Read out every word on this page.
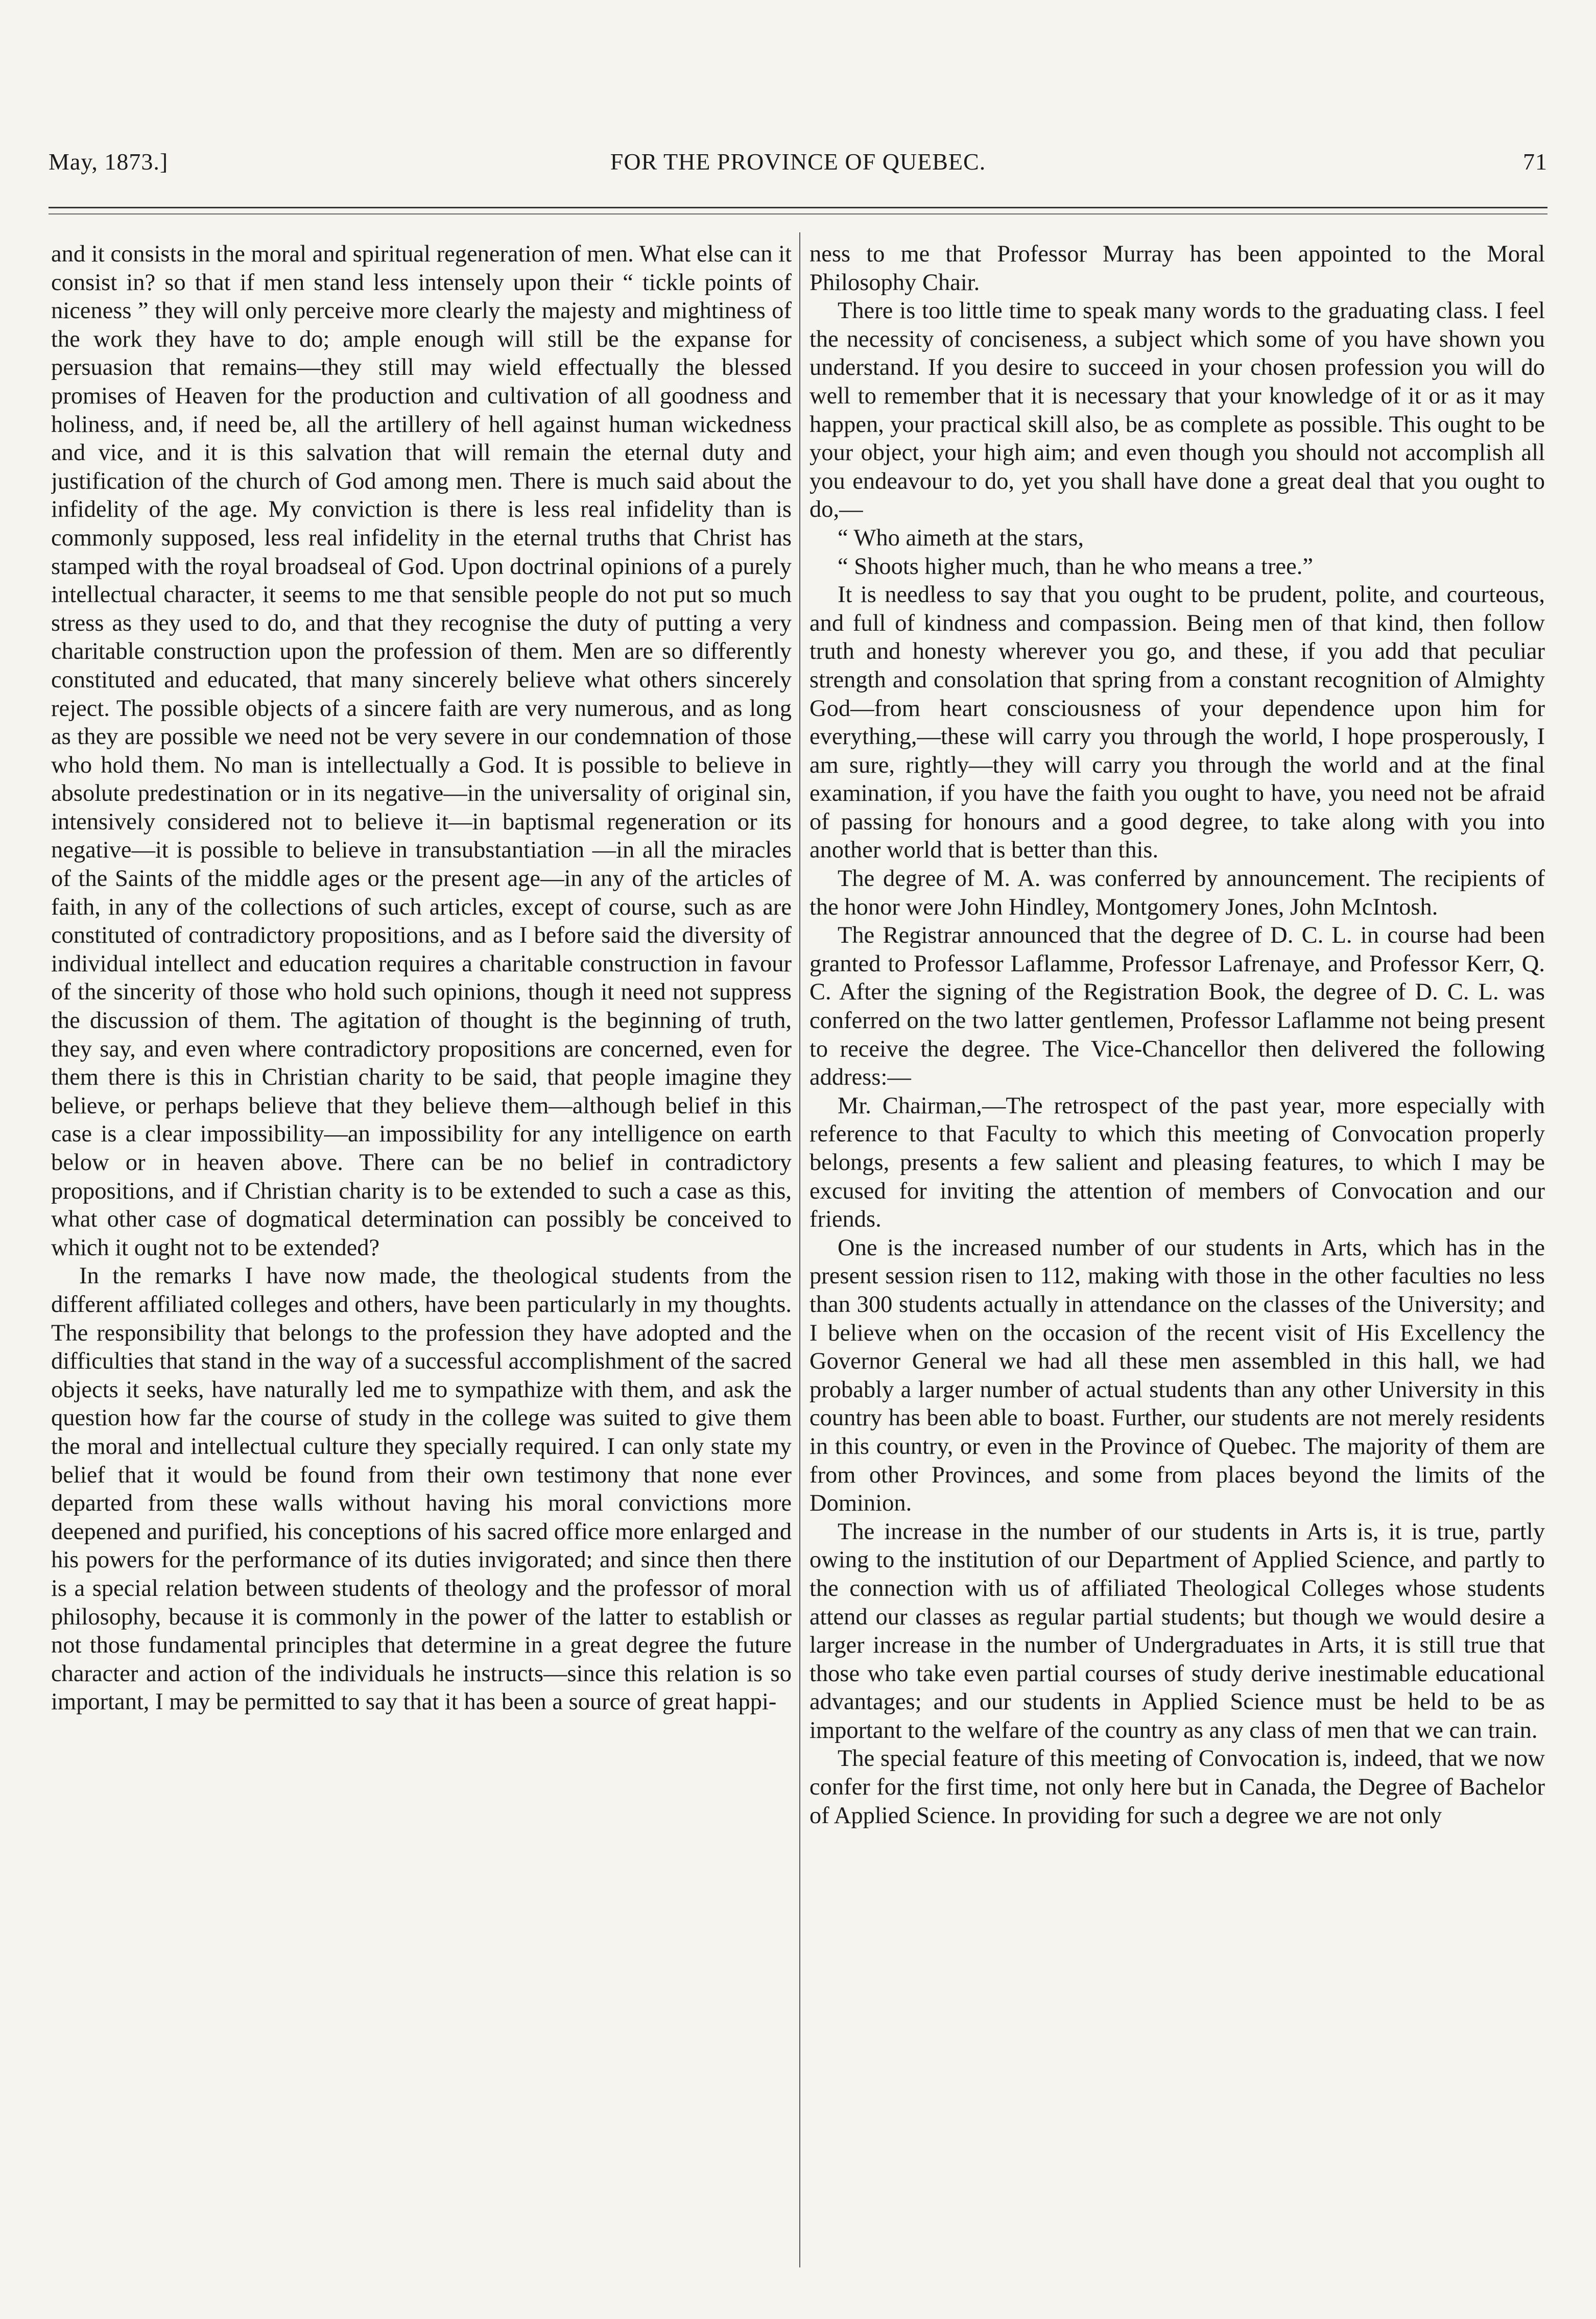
May, 1873.]	FOR THE PROVINCE OF QUEBEC.	71

and it consists in the moral and spiritual regeneration of men. What else can it consist in? so that if men stand less intensely upon their “ tickle points of niceness ” they will only perceive more clearly the majesty and mightiness of the work they have to do; ample enough will still be the expanse for persuasion that remains—they still may wield effectually the blessed promises of Heaven for the production and cultivation of all goodness and holiness, and, if need be, all the artillery of hell against human wickedness and vice, and it is this salvation that will remain the eternal duty and justification of the church of God among men. There is much said about the infidelity of the age. My conviction is there is less real infidelity than is commonly supposed, less real infidelity in the eternal truths that Christ has stamped with the royal broadseal of God. Upon doctrinal opinions of a purely intellectual character, it seems to me that sensible people do not put so much stress as they used to do, and that they recognise the duty of putting a very charitable construction upon the profession of them. Men are so differently constituted and educated, that many sincerely believe what others sincerely reject. The possible objects of a sincere faith are very numerous, and as long as they are possible we need not be very severe in our condemnation of those who hold them. No man is intellectually a God. It is possible to believe in absolute predestination or in its negative—in the universality of original sin, intensively considered not to believe it—in baptismal regeneration or its negative—it is possible to believe in transubstantiation —in all the miracles of the Saints of the middle ages or the present age—in any of the articles of faith, in any of the collections of such articles, except of course, such as are constituted of contradictory propositions, and as I before said the diversity of individual intellect and education requires a charitable construction in favour of the sincerity of those who hold such opinions, though it need not suppress the discussion of them. The agitation of thought is the beginning of truth, they say, and even where contradictory propositions are concerned, even for them there is this in Christian charity to be said, that people imagine they believe, or perhaps believe that they believe them—although belief in this case is a clear impossibility—an impossibility for any intelligence on earth below or in heaven above. There can be no belief in contradictory propositions, and if Christian charity is to be extended to such a case as this, what other case of dogmatical determination can possibly be conceived to which it ought not to be extended?

In the remarks I have now made, the theological students from the different affiliated colleges and others, have been particularly in my thoughts. The responsibility that belongs to the profession they have adopted and the difficulties that stand in the way of a successful accomplishment of the sacred objects it seeks, have naturally led me to sympathize with them, and ask the question how far the course of study in the college was suited to give them the moral and intellectual culture they specially required. I can only state my belief that it would be found from their own testimony that none ever departed from these walls without having his moral convictions more deepened and purified, his conceptions of his sacred office more enlarged and his powers for the performance of its duties invigorated; and since then there is a special relation between students of theology and the professor of moral philosophy, because it is commonly in the power of the latter to establish or not those fundamental principles that determine in a great degree the future character and action of the individuals he instructs—since this relation is so important, I may be permitted to say that it has been a source of great happi-

ness to me that Professor Murray has been appointed to the Moral Philosophy Chair.

There is too little time to speak many words to the graduating class. I feel the necessity of conciseness, a subject which some of you have shown you understand. If you desire to succeed in your chosen profession you will do well to remember that it is necessary that your knowledge of it or as it may happen, your practical skill also, be as complete as possible. This ought to be your object, your high aim; and even though you should not accomplish all you endeavour to do, yet you shall have done a great deal that you ought to do,—

“ Who aimeth at the stars,

“ Shoots higher much, than he who means a tree.”

It is needless to say that you ought to be prudent, polite, and courteous, and full of kindness and compassion. Being men of that kind, then follow truth and honesty wherever you go, and these, if you add that peculiar strength and consolation that spring from a constant recognition of Almighty God—from heart consciousness of your dependence upon him for everything,—these will carry you through the world, I hope prosperously, I am sure, rightly—they will carry you through the world and at the final examination, if you have the faith you ought to have, you need not be afraid of passing for honours and a good degree, to take along with you into another world that is better than this.

The degree of M. A. was conferred by announcement. The recipients of the honor were John Hindley, Montgomery Jones, John McIntosh.

The Registrar announced that the degree of D. C. L. in course had been granted to Professor Laflamme, Professor Lafrenaye, and Professor Kerr, Q. C. After the signing of the Registration Book, the degree of D. C. L. was conferred on the two latter gentlemen, Professor Laflamme not being present to receive the degree. The Vice-Chancellor then delivered the following address:—

Mr. Chairman,—The retrospect of the past year, more especially with reference to that Faculty to which this meeting of Convocation properly belongs, presents a few salient and pleasing features, to which I may be excused for inviting the attention of members of Convocation and our friends.

One is the increased number of our students in Arts, which has in the present session risen to 112, making with those in the other faculties no less than 300 students actually in attendance on the classes of the University; and I believe when on the occasion of the recent visit of His Excellency the Governor General we had all these men assembled in this hall, we had probably a larger number of actual students than any other University in this country has been able to boast. Further, our students are not merely residents in this country, or even in the Province of Quebec. The majority of them are from other Provinces, and some from places beyond the limits of the Dominion.

The increase in the number of our students in Arts is, it is true, partly owing to the institution of our Department of Applied Science, and partly to the connection with us of affiliated Theological Colleges whose students attend our classes as regular partial students; but though we would desire a larger increase in the number of Undergraduates in Arts, it is still true that those who take even partial courses of study derive inestimable educational advantages; and our students in Applied Science must be held to be as important to the welfare of the country as any class of men that we can train.

The special feature of this meeting of Convocation is, indeed, that we now confer for the first time, not only here but in Canada, the Degree of Bachelor of Applied Science. In providing for such a degree we are not only
